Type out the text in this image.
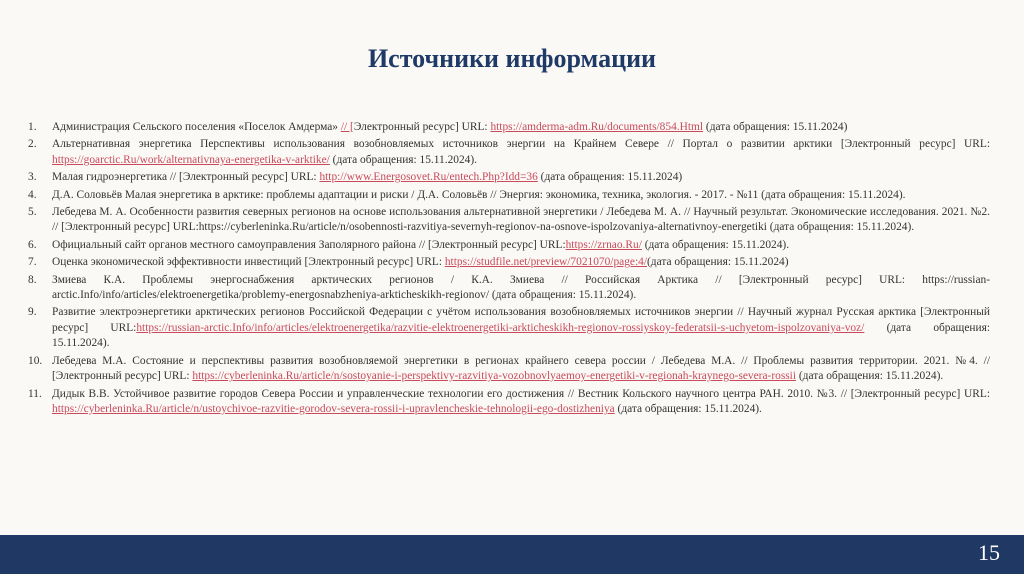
Источники информации
1. Администрация Сельского поселения «Поселок Амдерма» // [Электронный ресурс] URL: https://amderma-adm.Ru/documents/854.Html (дата обращения: 15.11.2024)
2. Альтернативная энергетика Перспективы использования возобновляемых источников энергии на Крайнем Севере // Портал о развитии арктики [Электронный ресурс] URL: https://goarctic.Ru/work/alternativnaya-energetika-v-arktike/ (дата обращения: 15.11.2024).
3. Малая гидроэнергетика // [Электронный ресурс] URL: http://www.Energosovet.Ru/entech.Php?Idd=36 (дата обращения: 15.11.2024)
4. Д.А. Соловьёв Малая энергетика в арктике: проблемы адаптации и риски / Д.А. Соловьёв // Энергия: экономика, техника, экология. - 2017. - №11 (дата обращения: 15.11.2024).
5. Лебедева М. А. Особенности развития северных регионов на основе использования альтернативной энергетики / Лебедева М. А. // Научный результат. Экономические исследования. 2021. №2. // [Электронный ресурс] URL:https://cyberleninka.Ru/article/n/osobennosti-razvitiya-severnyh-regionov-na-osnove-ispolzovaniya-alternativnoy-energetiki (дата обращения: 15.11.2024).
6. Официальный сайт органов местного самоуправления Заполярного района // [Электронный ресурс] URL:https://zrnao.Ru/ (дата обращения: 15.11.2024).
7. Оценка экономической эффективности инвестиций [Электронный ресурс] URL: https://studfile.net/preview/7021070/page:4/(дата обращения: 15.11.2024)
8. Змиева К.А. Проблемы энергоснабжения арктических регионов / К.А. Змиева // Российская Арктика // [Электронный ресурс] URL: https://russian-arctic.Info/info/articles/elektroenergetika/problemy-energosnabzheniya-arkticheskikh-regionov/ (дата обращения: 15.11.2024).
9. Развитие электроэнергетики арктических регионов Российской Федерации с учётом использования возобновляемых источников энергии // Научный журнал Русская арктика [Электронный ресурс] URL:https://russian-arctic.Info/info/articles/elektroenergetika/razvitie-elektroenergetiki-arkticheskikh-regionov-rossiyskoy-federatsii-s-uchyetom-ispolzovaniya-voz/ (дата обращения: 15.11.2024).
10. Лебедева М.А. Состояние и перспективы развития возобновляемой энергетики в регионах крайнего севера россии / Лебедева М.А. // Проблемы развития территории. 2021. №4. // [Электронный ресурс] URL: https://cyberleninka.Ru/article/n/sostoyanie-i-perspektivy-razvitiya-vozobnovlyaemoy-energetiki-v-regionah-kraynego-severa-rossii (дата обращения: 15.11.2024).
11. Дидык В.В. Устойчивое развитие городов Севера России и управленческие технологии его достижения // Вестник Кольского научного центра РАН. 2010. №3. // [Электронный ресурс] URL: https://cyberleninka.Ru/article/n/ustoychivoe-razvitie-gorodov-severa-rossii-i-upravlencheskie-tehnologii-ego-dostizheniya (дата обращения: 15.11.2024).
15
